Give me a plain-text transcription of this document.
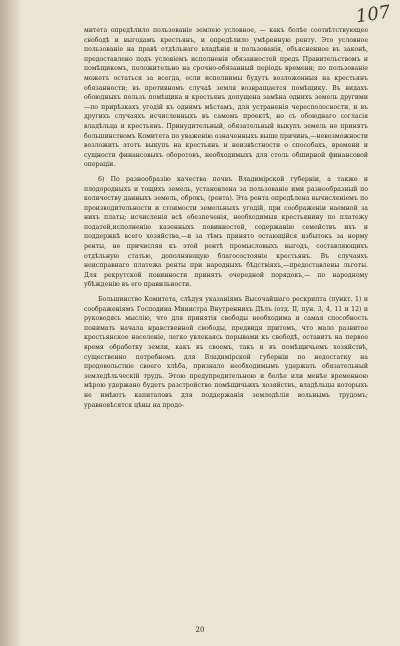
107

митета опредѣлило пользованіе землею условное, — какъ болѣе соотвѣтствующее свободѣ и выгодамъ крестьянъ, и опредѣлило умѣренную ренту. Это условное пользованіе на правѣ отдѣльнаго владѣнія и пользованія, объясненное въ законѣ, предоставлено подъ условіемъ исполненія обязанностей предъ Правительствомъ и помѣщикомъ, положительно на срочно-обязанный періодъ времени; по пользованіе можетъ остаться за всегда, если исполнимы будутъ возложенныя на крестьянъ обязанности; въ противномъ случаѣ земля возвращается помѣщику. Въ видахъ обоюдныхъ пользъ помѣщика и крестьянъ допущена замѣна однихъ земель другими—по прирѣзкахъ угодій къ однимъ мѣстамъ, для устраненія чересполосности, и въ другихъ случаяхъ исчисленныхъ въ самомъ проектѣ, но съ обоюднаго согласія владѣльца и крестьянъ. Принудительный, обязательный выкупъ земель не принятъ большинствомъ Комитета по уваженію означенныхъ выше причинъ,—невозможности возложить этотъ выкупъ на крестьянъ и неизвѣстности о способахъ, времени и сущности финансовыхъ оборотовъ, необходимыхъ для столь обширной финансовой операціи.

6) По разнообразію качества почвъ Владимірской губерніи, а также и плодородныхъ и тощихъ земель, установлена за пользованіе ими разнообразный по количеству данныхъ земель, оброкъ, (рента). Эта рента опредѣлена вычисленіемъ по производительности и стоимости земельныхъ угодій, при соображеніи наемной за нихъ платы; исчисленія всѣ обезпеченія, необходимыя крестьянину по платежу податей,исполненію казенныхъ повинностей, содержанію семействъ ихъ и поддержкѣ всего хозяйства,—и за тѣмъ принято остающійся избытокъ за норму ренты, не причисляя къ этой рентѣ промысловыхъ выгодъ, составляющихъ отдѣльную статью, дополняющую благосостояніе крестьянъ. Въ случаяхъ неисправнаго платежа ренты при народныхъ бѣдствіяхъ,—предоставлены льготы. Для рекрутской повинности принятъ очередной порядокъ,— по народному убѣжденію въ его правильности.

Большинство Комитета, слѣдуя указаніямъ Высочайшаго рескрипта (пункт. 1) и соображеніямъ Господина Министра Внутреннихъ Дѣлъ (отд. II, пун. 3, 4, 11 и 12) и руководясь мыслію, что для принятія свободы необходима и самая способность понимать начала нравственной свободы, предвидя притомъ, что мало развитое крестьянское населеніе, легко увлекаясь порывами къ свободѣ, оставитъ на первое время обработку земли, какъ въ своемъ, такъ и въ помѣщичьемъ хозяйствѣ, существенно потребномъ для Владимірской губерніи по недостатку на продовольствіе своего хлѣба, признало необходимымъ удержать обязательный земледѣльческій трудъ. Этою предупредительною и болѣе или менѣе временною мѣрою удержано будетъ разстройство помѣщичьихъ хозяйствъ, владѣльцы которыхъ не имѣютъ капиталовъ для поддержанія земледѣлія вольнымъ трудомъ; уравновѣсятся цѣны на продо-

20
